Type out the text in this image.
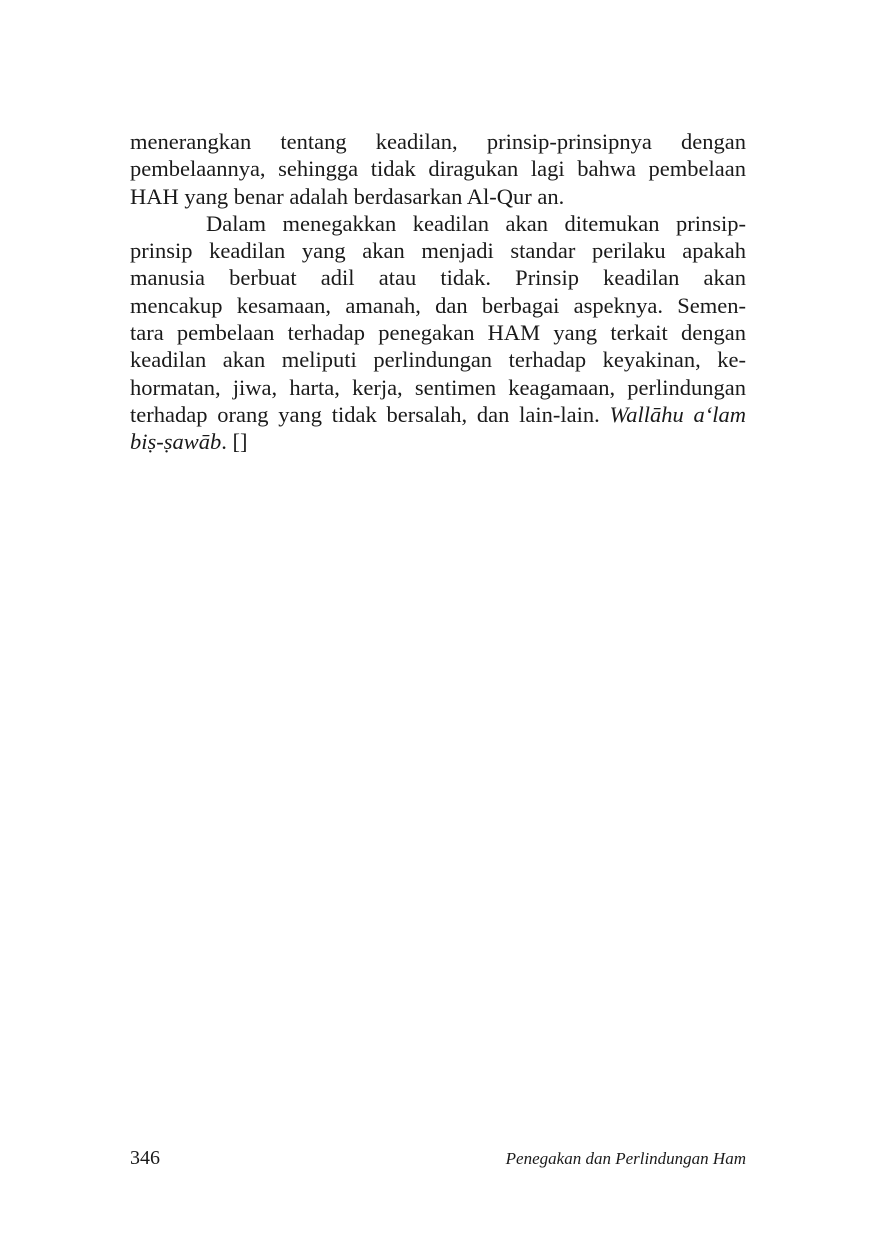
menerangkan tentang keadilan, prinsip-prinsipnya dengan
pembelaannya, sehingga tidak diragukan lagi bahwa pembelaan
HAH yang benar adalah berdasarkan Al-Qur an.
Dalam menegakkan keadilan akan ditemukan prinsip-
prinsip keadilan yang akan menjadi standar perilaku apakah
manusia berbuat adil atau tidak. Prinsip keadilan akan
mencakup kesamaan, amanah, dan berbagai aspeknya. Semen-
tara pembelaan terhadap penegakan HAM yang terkait dengan
keadilan akan meliputi perlindungan terhadap keyakinan, ke-
hormatan, jiwa, harta, kerja, sentimen keagamaan, perlindungan
terhadap orang yang tidak bersalah, dan lain-lain. Wallāhu a‘lam
biṣ-ṣawāb. []
346	Penegakan dan Perlindungan Ham
